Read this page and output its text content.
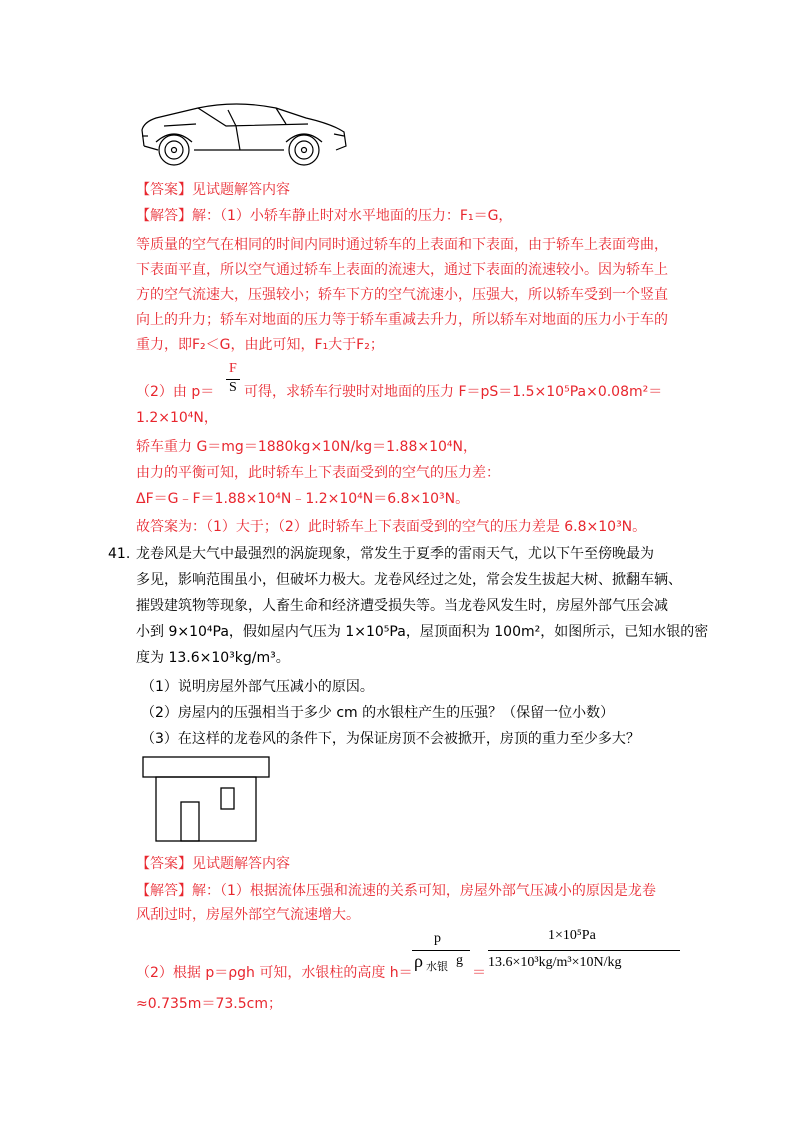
【答案】见试题解答内容
【解答】解：（1）小轿车静止时对水平地面的压力：F₁＝G，
等质量的空气在相同的时间内同时通过轿车的上表面和下表面，由于轿车上表面弯曲，
下表面平直，所以空气通过轿车上表面的流速大，通过下表面的流速较小。因为轿车上
方的空气流速大，压强较小；轿车下方的空气流速小，压强大，所以轿车受到一个竖直
向上的升力；轿车对地面的压力等于轿车重减去升力，所以轿车对地面的压力小于车的
重力，即F₂＜G，由此可知，F₁大于F₂；
（2）由 p＝
F
S 可得，求轿车行驶时对地面的压力 F＝pS＝1.5×10⁵Pa×0.08m²＝
1.2×10⁴N，
轿车重力 G＝mg＝1880kg×10N/kg＝1.88×10⁴N，
由力的平衡可知，此时轿车上下表面受到的空气的压力差：
ΔF＝G﹣F＝1.88×10⁴N﹣1.2×10⁴N＝6.8×10³N。
故答案为：（1）大于；（2）此时轿车上下表面受到的空气的压力差是 6.8×10³N。
41. 龙卷风是大气中最强烈的涡旋现象，常发生于夏季的雷雨天气，尤以下午至傍晚最为
多见，影响范围虽小，但破坏力极大。龙卷风经过之处，常会发生拔起大树、掀翻车辆、
摧毁建筑物等现象，人畜生命和经济遭受损失等。当龙卷风发生时，房屋外部气压会减
小到 9×10⁴Pa，假如屋内气压为 1×10⁵Pa，屋顶面积为 100m²，如图所示，已知水银的密
度为 13.6×10³kg/m³。
（1）说明房屋外部气压减小的原因。
（2）房屋内的压强相当于多少 cm 的水银柱产生的压强？（保留一位小数）
（3）在这样的龙卷风的条件下，为保证房顶不会被掀开，房顶的重力至少多大？
【答案】见试题解答内容
【解答】解：（1）根据流体压强和流速的关系可知，房屋外部气压减小的原因是龙卷
风刮过时，房屋外部空气流速增大。
（2）根据 p＝ρgh 可知，水银柱的高度 h＝
p
ρ 水银 g
＝
1×10⁵Pa
13.6×10³kg/m³×10N/kg
≈0.735m＝73.5cm；
